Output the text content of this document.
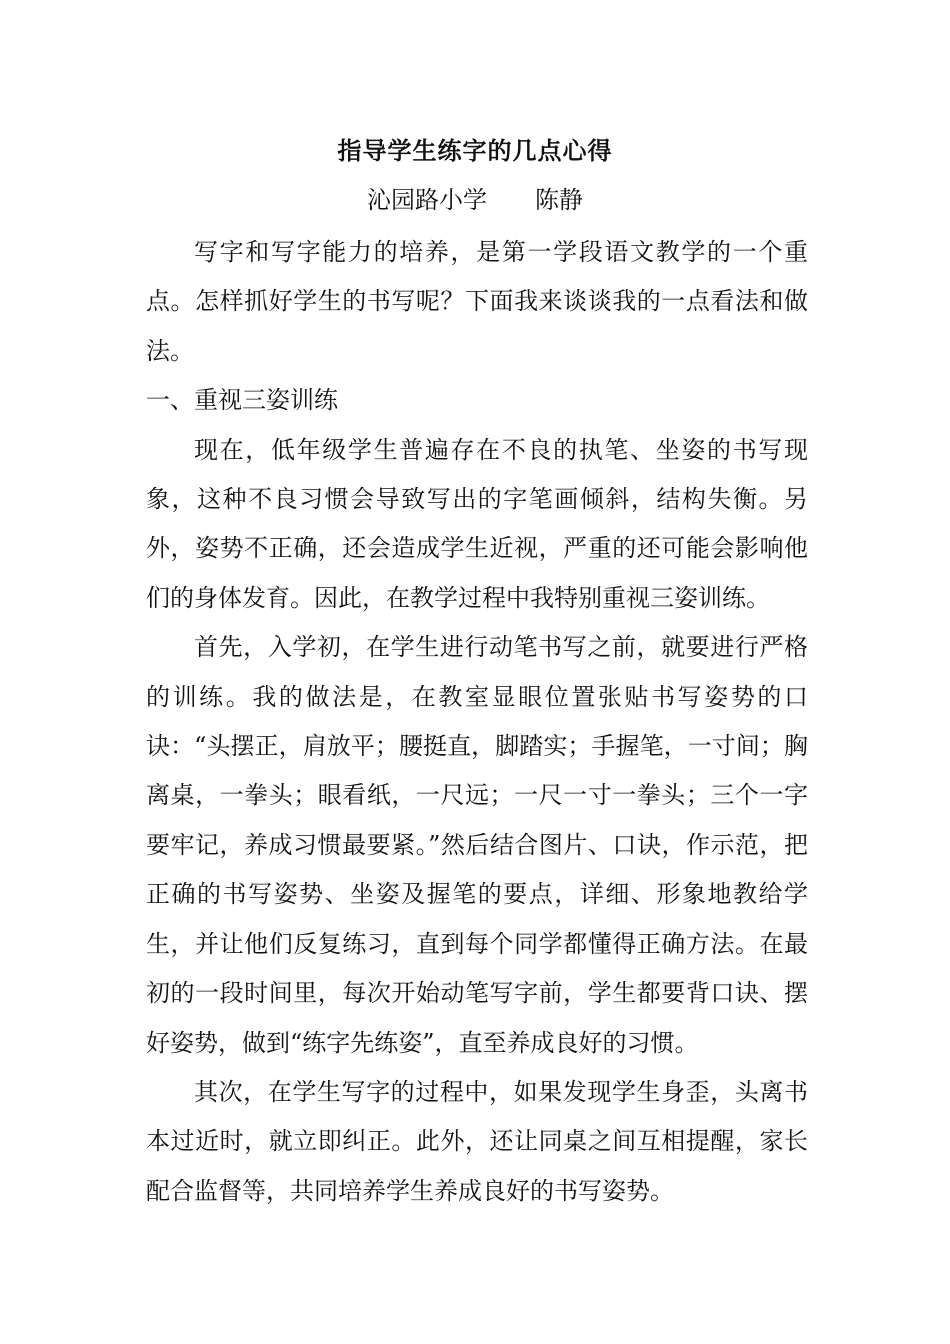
指导学生练字的几点心得
沁园路小学 陈静

写字和写字能力的培养，是第一学段语文教学的一个重点。怎样抓好学生的书写呢？下面我来谈谈我的一点看法和做法。

一、重视三姿训练

现在，低年级学生普遍存在不良的执笔、坐姿的书写现象，这种不良习惯会导致写出的字笔画倾斜，结构失衡。另外，姿势不正确，还会造成学生近视，严重的还可能会影响他们的身体发育。因此，在教学过程中我特别重视三姿训练。

首先，入学初，在学生进行动笔书写之前，就要进行严格的训练。我的做法是，在教室显眼位置张贴书写姿势的口诀：“头摆正，肩放平；腰挺直，脚踏实；手握笔，一寸间；胸离桌，一拳头；眼看纸，一尺远；一尺一寸一拳头；三个一字要牢记，养成习惯最要紧。”然后结合图片、口诀，作示范，把正确的书写姿势、坐姿及握笔的要点，详细、形象地教给学生，并让他们反复练习，直到每个同学都懂得正确方法。在最初的一段时间里，每次开始动笔写字前，学生都要背口诀、摆好姿势，做到“练字先练姿”，直至养成良好的习惯。

其次，在学生写字的过程中，如果发现学生身歪，头离书本过近时，就立即纠正。此外，还让同桌之间互相提醒，家长配合监督等，共同培养学生养成良好的书写姿势。
